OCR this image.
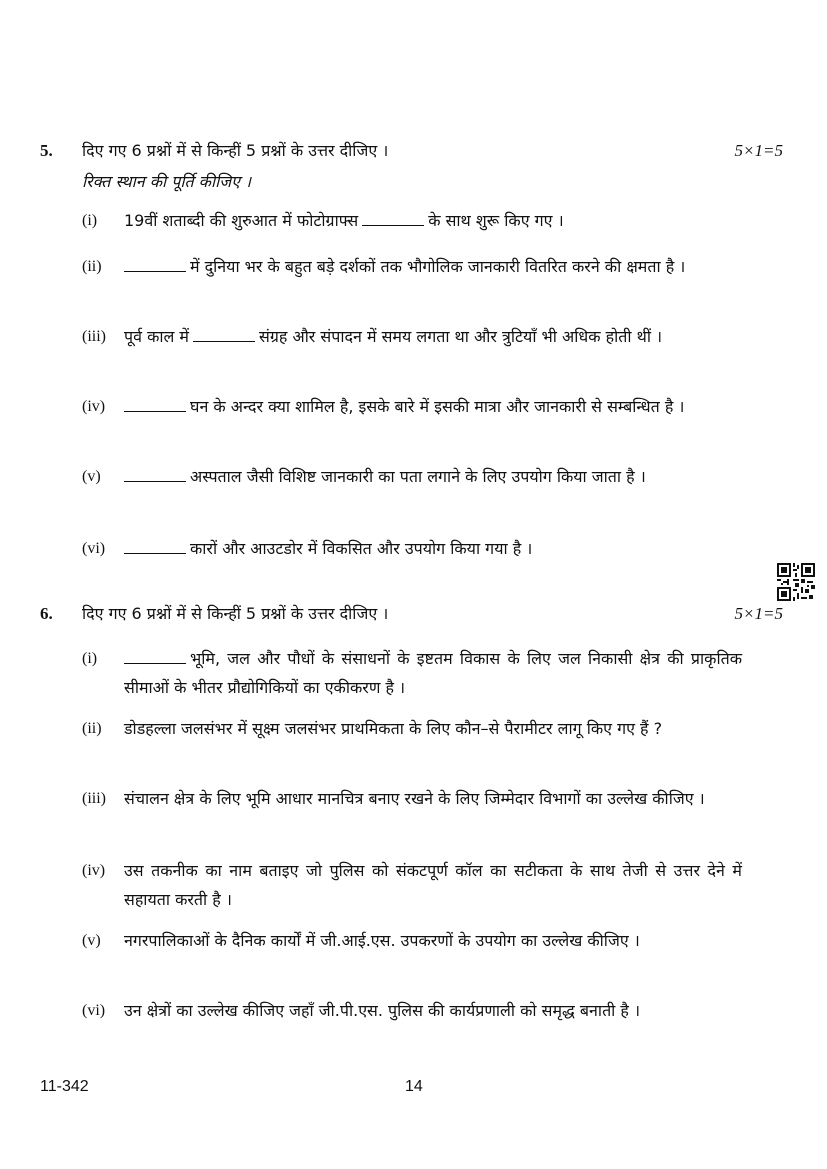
5. दिए गए 6 प्रश्नों में से किन्हीं 5 प्रश्नों के उत्तर दीजिए ।	5×1=5
रिक्त स्थान की पूर्ति कीजिए ।
(i) 19वीं शताब्दी की शुरुआत में फोटोग्राफ्स	के साथ शुरू किए गए ।
(ii)	में दुनिया भर के बहुत बड़े दर्शकों तक भौगोलिक जानकारी वितरित करने की क्षमता है ।
(iii) पूर्व काल में	संग्रह और संपादन में समय लगता था और त्रुटियाँ भी अधिक होती थीं ।
(iv)	घन के अन्दर क्या शामिल है, इसके बारे में इसकी मात्रा और जानकारी से सम्बन्धित है ।
(v)	अस्पताल जैसी विशिष्ट जानकारी का पता लगाने के लिए उपयोग किया जाता है ।
(vi)	कारों और आउटडोर में विकसित और उपयोग किया गया है ।
6. दिए गए 6 प्रश्नों में से किन्हीं 5 प्रश्नों के उत्तर दीजिए ।	5×1=5
(i)	भूमि, जल और पौधों के संसाधनों के इष्टतम विकास के लिए जल निकासी क्षेत्र की प्राकृतिक सीमाओं के भीतर प्रौद्योगिकियों का एकीकरण है ।
(ii) डोडहल्ला जलसंभर में सूक्ष्म जलसंभर प्राथमिकता के लिए कौन–से पैरामीटर लागू किए गए हैं ?
(iii) संचालन क्षेत्र के लिए भूमि आधार मानचित्र बनाए रखने के लिए जिम्मेदार विभागों का उल्लेख कीजिए ।
(iv) उस तकनीक का नाम बताइए जो पुलिस को संकटपूर्ण कॉल का सटीकता के साथ तेजी से उत्तर देने में सहायता करती है ।
(v) नगरपालिकाओं के दैनिक कार्यों में जी.आई.एस. उपकरणों के उपयोग का उल्लेख कीजिए ।
(vi) उन क्षेत्रों का उल्लेख कीजिए जहाँ जी.पी.एस. पुलिस की कार्यप्रणाली को समृद्ध बनाती है ।
11-342	14
